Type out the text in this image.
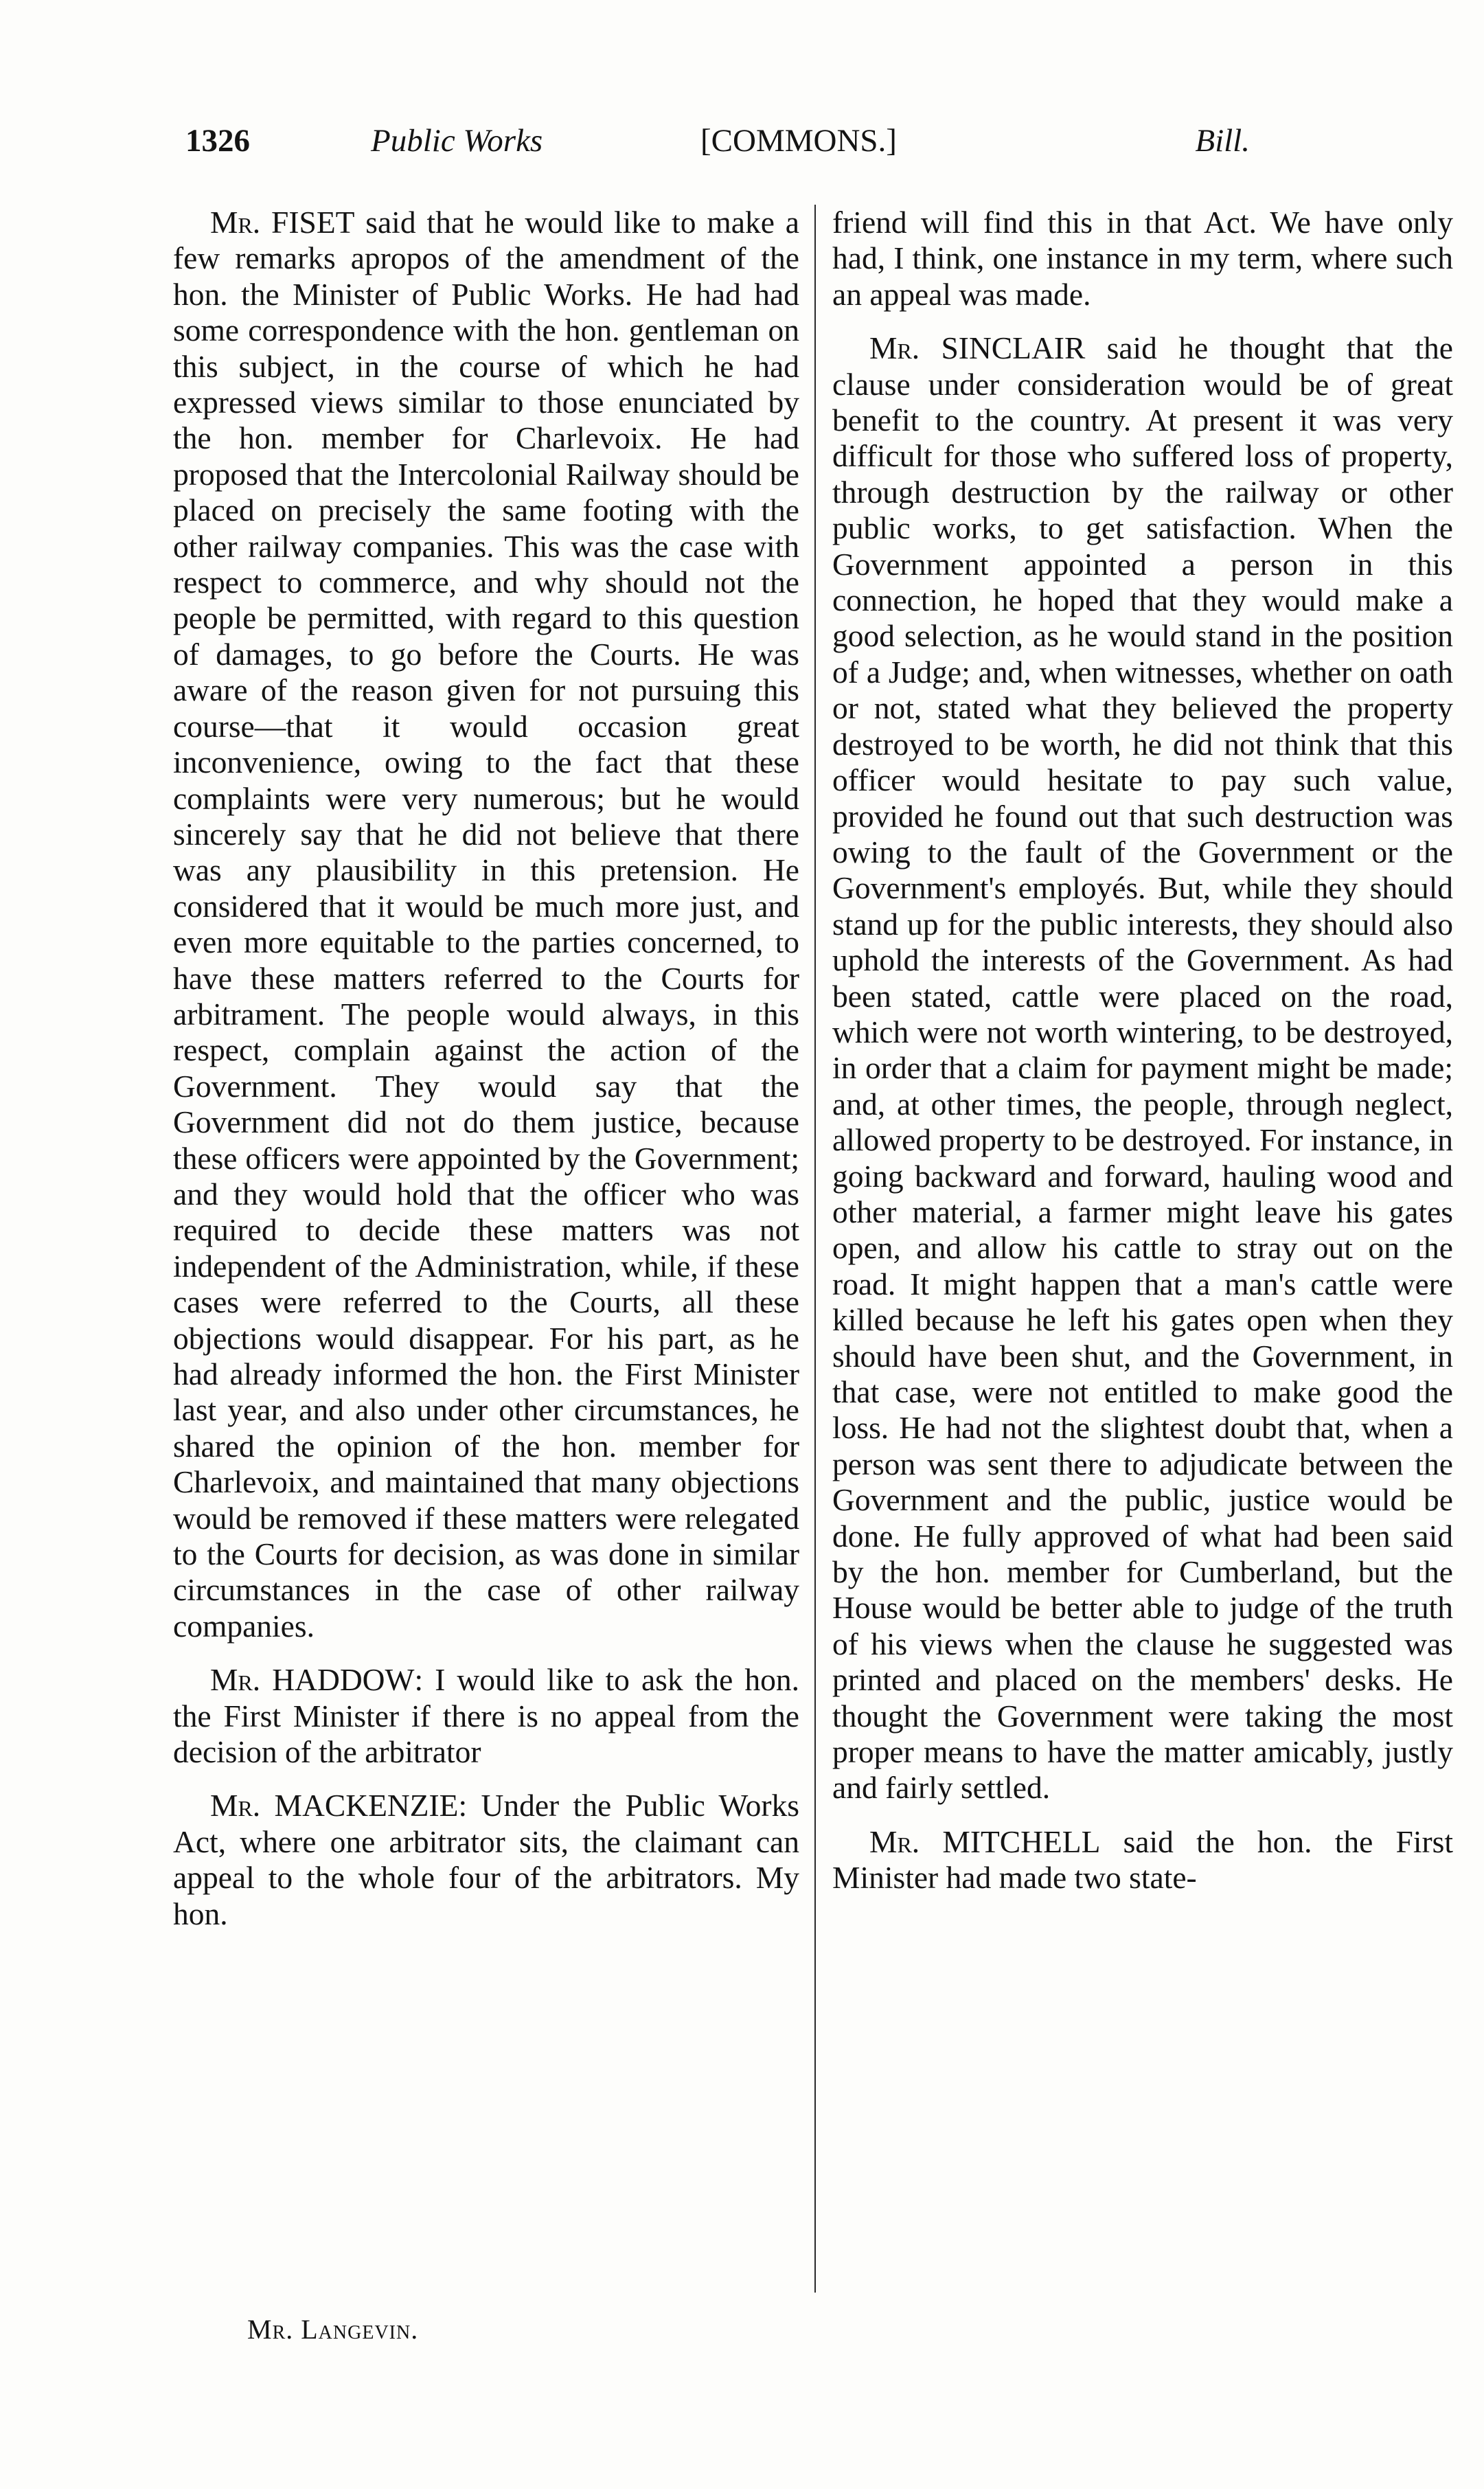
1326	Public Works	[COMMONS.]	Bill.

Mr. FISET said that he would like to make a few remarks apropos of the amendment of the hon. the Minister of Public Works. He had had some correspondence with the hon. gentleman on this subject, in the course of which he had expressed views similar to those enunciated by the hon. member for Charlevoix. He had proposed that the Intercolonial Railway should be placed on precisely the same footing with the other railway companies. This was the case with respect to commerce, and why should not the people be permitted, with regard to this question of damages, to go before the Courts. He was aware of the reason given for not pursuing this course—that it would occasion great inconvenience, owing to the fact that these complaints were very numerous; but he would sincerely say that he did not believe that there was any plausibility in this pretension. He considered that it would be much more just, and even more equitable to the parties concerned, to have these matters referred to the Courts for arbitrament. The people would always, in this respect, complain against the action of the Government. They would say that the Government did not do them justice, because these officers were appointed by the Government; and they would hold that the officer who was required to decide these matters was not independent of the Administration, while, if these cases were referred to the Courts, all these objections would disappear. For his part, as he had already informed the hon. the First Minister last year, and also under other circumstances, he shared the opinion of the hon. member for Charlevoix, and maintained that many objections would be removed if these matters were relegated to the Courts for decision, as was done in similar circumstances in the case of other railway companies.

Mr. HADDOW: I would like to ask the hon. the First Minister if there is no appeal from the decision of the arbitrator

Mr. MACKENZIE: Under the Public Works Act, where one arbitrator sits, the claimant can appeal to the whole four of the arbitrators. My hon.

friend will find this in that Act. We have only had, I think, one instance in my term, where such an appeal was made.

Mr. SINCLAIR said he thought that the clause under consideration would be of great benefit to the country. At present it was very difficult for those who suffered loss of property, through destruction by the railway or other public works, to get satisfaction. When the Government appointed a person in this connection, he hoped that they would make a good selection, as he would stand in the position of a Judge; and, when witnesses, whether on oath or not, stated what they believed the property destroyed to be worth, he did not think that this officer would hesitate to pay such value, provided he found out that such destruction was owing to the fault of the Government or the Government's employés. But, while they should stand up for the public interests, they should also uphold the interests of the Government. As had been stated, cattle were placed on the road, which were not worth wintering, to be destroyed, in order that a claim for payment might be made; and, at other times, the people, through neglect, allowed property to be destroyed. For instance, in going backward and forward, hauling wood and other material, a farmer might leave his gates open, and allow his cattle to stray out on the road. It might happen that a man's cattle were killed because he left his gates open when they should have been shut, and the Government, in that case, were not entitled to make good the loss. He had not the slightest doubt that, when a person was sent there to adjudicate between the Government and the public, justice would be done. He fully approved of what had been said by the hon. member for Cumberland, but the House would be better able to judge of the truth of his views when the clause he suggested was printed and placed on the members' desks. He thought the Government were taking the most proper means to have the matter amicably, justly and fairly settled.

Mr. MITCHELL said the hon. the First Minister had made two state-

Mr. Langevin.
